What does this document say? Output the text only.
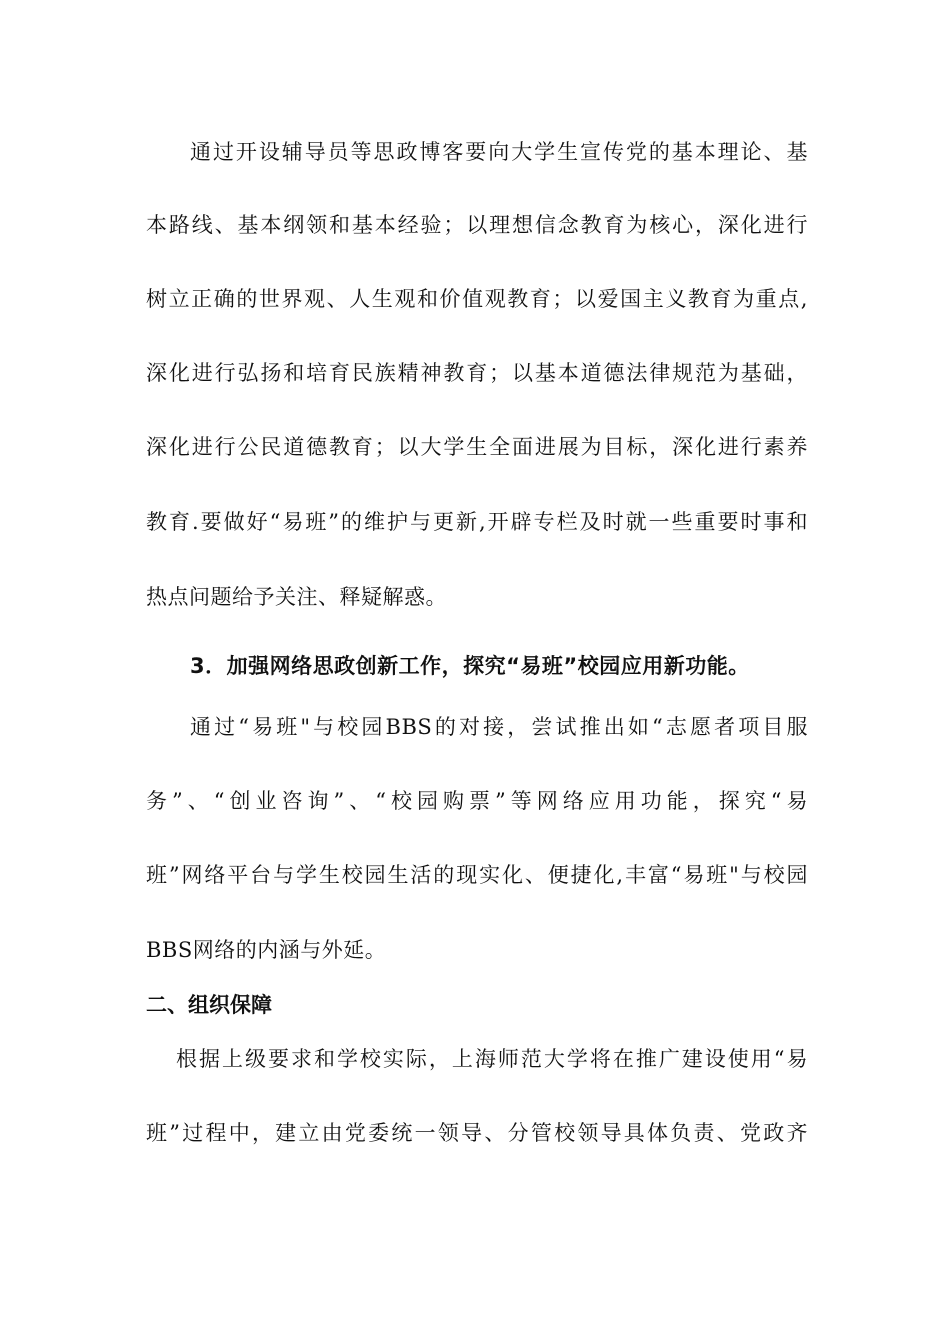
通过开设辅导员等思政博客要向大学生宣传党的基本理论、基
本路线、基本纲领和基本经验；以理想信念教育为核心，深化进行
树立正确的世界观、人生观和价值观教育；以爱国主义教育为重点,
深化进行弘扬和培育民族精神教育；以基本道德法律规范为基础，
深化进行公民道德教育；以大学生全面进展为目标，深化进行素养
教育.要做好“易班”的维护与更新,开辟专栏及时就一些重要时事和
热点问题给予关注、释疑解惑。
3．加强网络思政创新工作，探究“易班”校园应用新功能。
通过“易班"与校园BBS的对接，尝试推出如“志愿者项目服
务”、“创业咨询”、“校园购票”等网络应用功能，探究“易
班”网络平台与学生校园生活的现实化、便捷化,丰富“易班"与校园
BBS网络的内涵与外延。
二、组织保障
根据上级要求和学校实际，上海师范大学将在推广建设使用“易
班”过程中，建立由党委统一领导、分管校领导具体负责、党政齐
